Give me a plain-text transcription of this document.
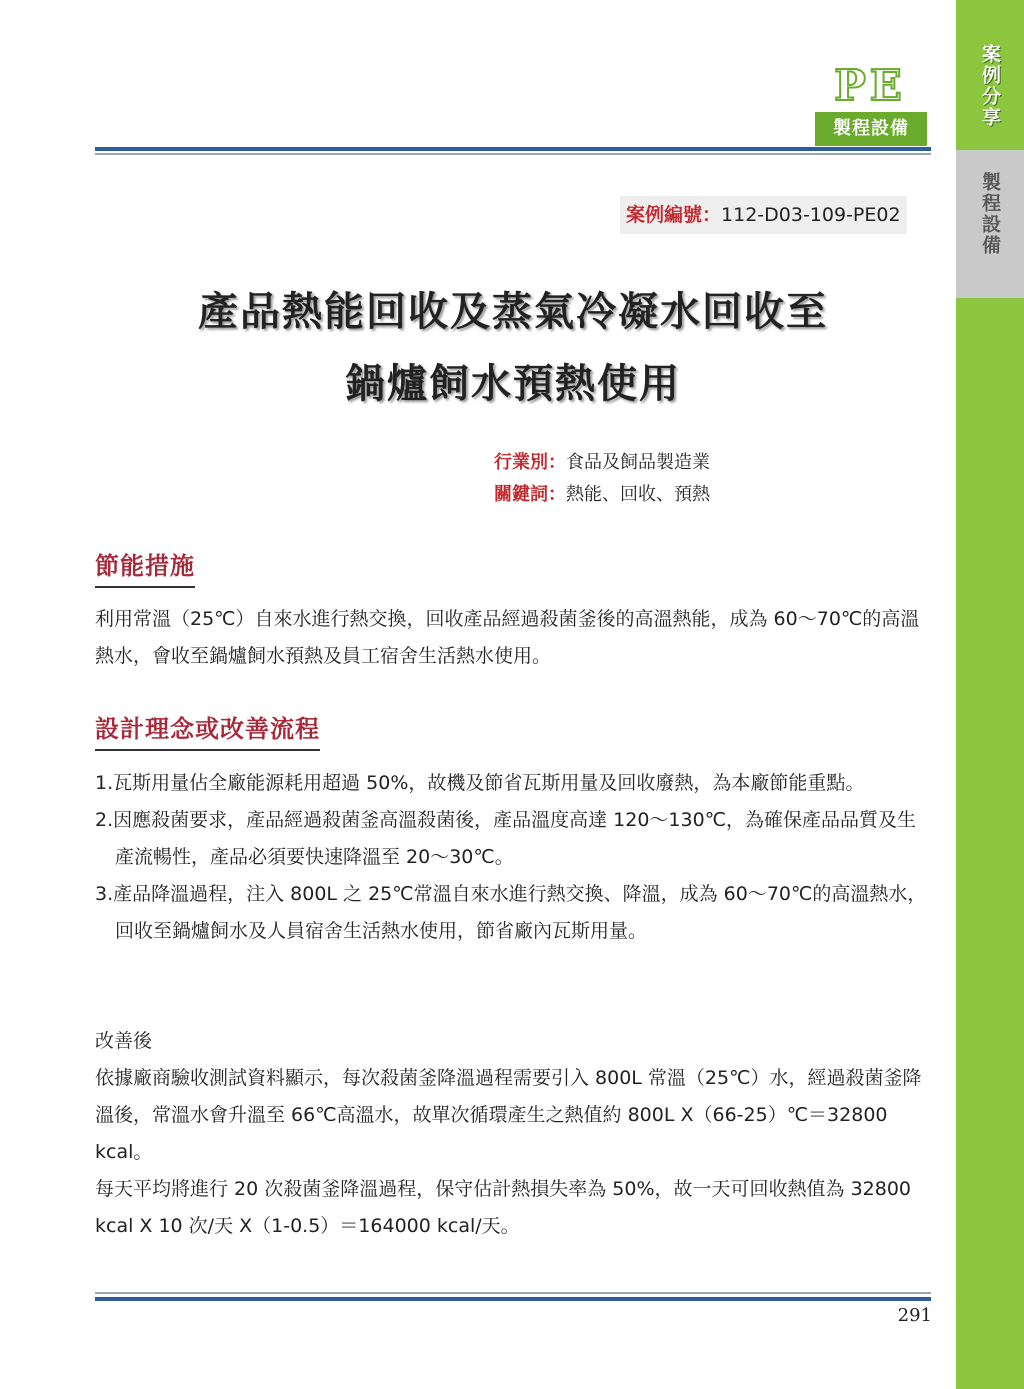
案例分享
製程設備
PE
製程設備
案例編號：112-D03-109-PE02
產品熱能回收及蒸氣冷凝水回收至
鍋爐飼水預熱使用
行業別：食品及飼品製造業
關鍵詞：熱能、回收、預熱
節能措施

利用常溫（25℃）自來水進行熱交換，回收產品經過殺菌釜後的高溫熱能，成為 60～70℃的高溫熱水，會收至鍋爐飼水預熱及員工宿舍生活熱水使用。

設計理念或改善流程

1.瓦斯用量佔全廠能源耗用超過 50%，故機及節省瓦斯用量及回收廢熱，為本廠節能重點。

2.因應殺菌要求，產品經過殺菌釜高溫殺菌後，產品溫度高達 120～130℃，為確保產品品質及生產流暢性，產品必須要快速降溫至 20～30℃。

3.產品降溫過程，注入 800L 之 25℃常溫自來水進行熱交換、降溫，成為 60～70℃的高溫熱水，回收至鍋爐飼水及人員宿舍生活熱水使用，節省廠內瓦斯用量。

改善後

依據廠商驗收測試資料顯示，每次殺菌釜降溫過程需要引入 800L 常溫（25℃）水，經過殺菌釜降溫後，常溫水會升溫至 66℃高溫水，故單次循環產生之熱值約 800L X（66-25）℃＝32800 kcal。

每天平均將進行 20 次殺菌釜降溫過程，保守估計熱損失率為 50%，故一天可回收熱值為 32800 kcal X 10 次/天 X（1-0.5）＝164000 kcal/天。

291
